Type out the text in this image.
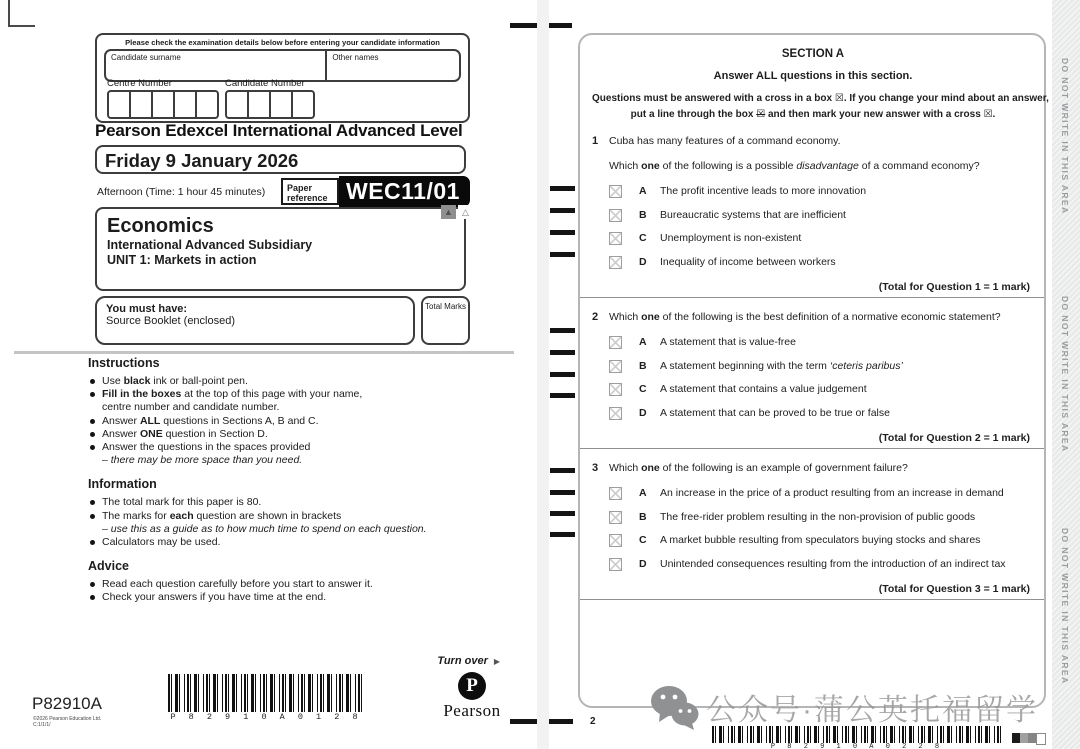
Please check the examination details below before entering your candidate information
Candidate surname	Other names
Centre Number	Candidate Number
Pearson Edexcel International Advanced Level
Friday 9 January 2026
Afternoon (Time: 1 hour 45 minutes)	Paper reference WEC11/01
▲	△
Economics
International Advanced Subsidiary
UNIT 1: Markets in action
You must have:
Source Booklet (enclosed)
Total Marks
Instructions
Use black ink or ball-point pen.
Fill in the boxes at the top of this page with your name,
centre number and candidate number.
Answer ALL questions in Sections A, B and C.
Answer ONE question in Section D.
Answer the questions in the spaces provided
– there may be more space than you need.
Information
The total mark for this paper is 80.
The marks for each question are shown in brackets
– use this as a guide as to how much time to spend on each question.
Calculators may be used.
Advice
Read each question carefully before you start to answer it.
Check your answers if you have time at the end.
Turn over ▶
P82910A
©2026 Pearson Education Ltd.
C:1/1/1/
P 8 2 9 1 0 A 0 1 2 8
P
Pearson
SECTION A
Answer ALL questions in this section.
Questions must be answered with a cross in a box ☒. If you change your mind about an answer,
put a line through the box ☒ and then mark your new answer with a cross ☒.
1	Cuba has many features of a command economy.
Which one of the following is a possible disadvantage of a command economy?
A	The profit incentive leads to more innovation
B	Bureaucratic systems that are inefficient
C	Unemployment is non-existent
D	Inequality of income between workers
(Total for Question 1 = 1 mark)
2	Which one of the following is the best definition of a normative economic statement?
A	A statement that is value-free
B	A statement beginning with the term ‘ceteris paribus’
C	A statement that contains a value judgement
D	A statement that can be proved to be true or false
(Total for Question 2 = 1 mark)
3	Which one of the following is an example of government failure?
A	An increase in the price of a product resulting from an increase in demand
B	The free-rider problem resulting in the non-provision of public goods
C	A market bubble resulting from speculators buying stocks and shares
D	Unintended consequences resulting from the introduction of an indirect tax
(Total for Question 3 = 1 mark)
2
P 8 2 9 1 0 A 0 2 2 8
DO NOT WRITE IN THIS AREA
DO NOT WRITE IN THIS AREA
DO NOT WRITE IN THIS AREA
公众号·蒲公英托福留学
